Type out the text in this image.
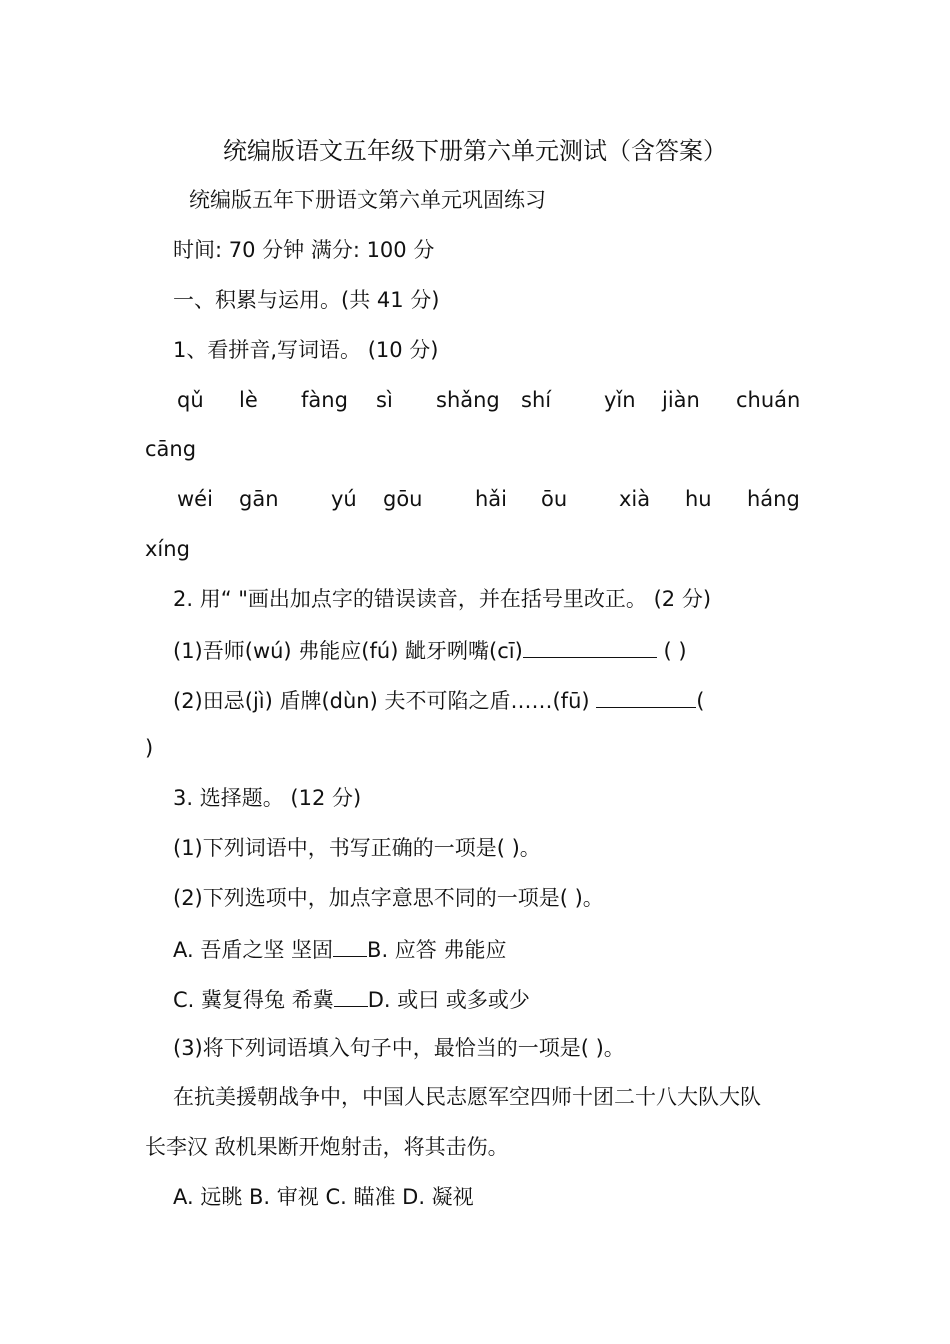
统编版语文五年级下册第六单元测试（含答案）
统编版五年下册语文第六单元巩固练习
时间: 70 分钟 满分: 100 分
一、积累与运用。(共 41 分)
1、看拼音,写词语。 (10 分)
qǔ lè fàng sì shǎng shí	yǐn jiàn chuán
cāng
wéi gān yú gōu	hǎi ōu xià hu háng
xíng
2. 用“ "画出加点字的错误读音，并在括号里改正。 (2 分)
(1)吾师(wú) 弗能应(fú) 龇牙咧嘴(cī)	( )
(2)田忌(jì) 盾牌(dùn) 夫不可陷之盾……(fū)	(
)
3. 选择题。 (12 分)
(1)下列词语中，书写正确的一项是( )。
(2)下列选项中，加点字意思不同的一项是( )。
A. 吾盾之坚 坚固 B. 应答 弗能应
C. 冀复得兔 希冀 D. 或曰 或多或少
(3)将下列词语填入句子中，最恰当的一项是( )。
在抗美援朝战争中，中国人民志愿军空四师十团二十八大队大队
长李汉 敌机果断开炮射击，将其击伤。
A. 远眺 B. 审视 C. 瞄准 D. 凝视
